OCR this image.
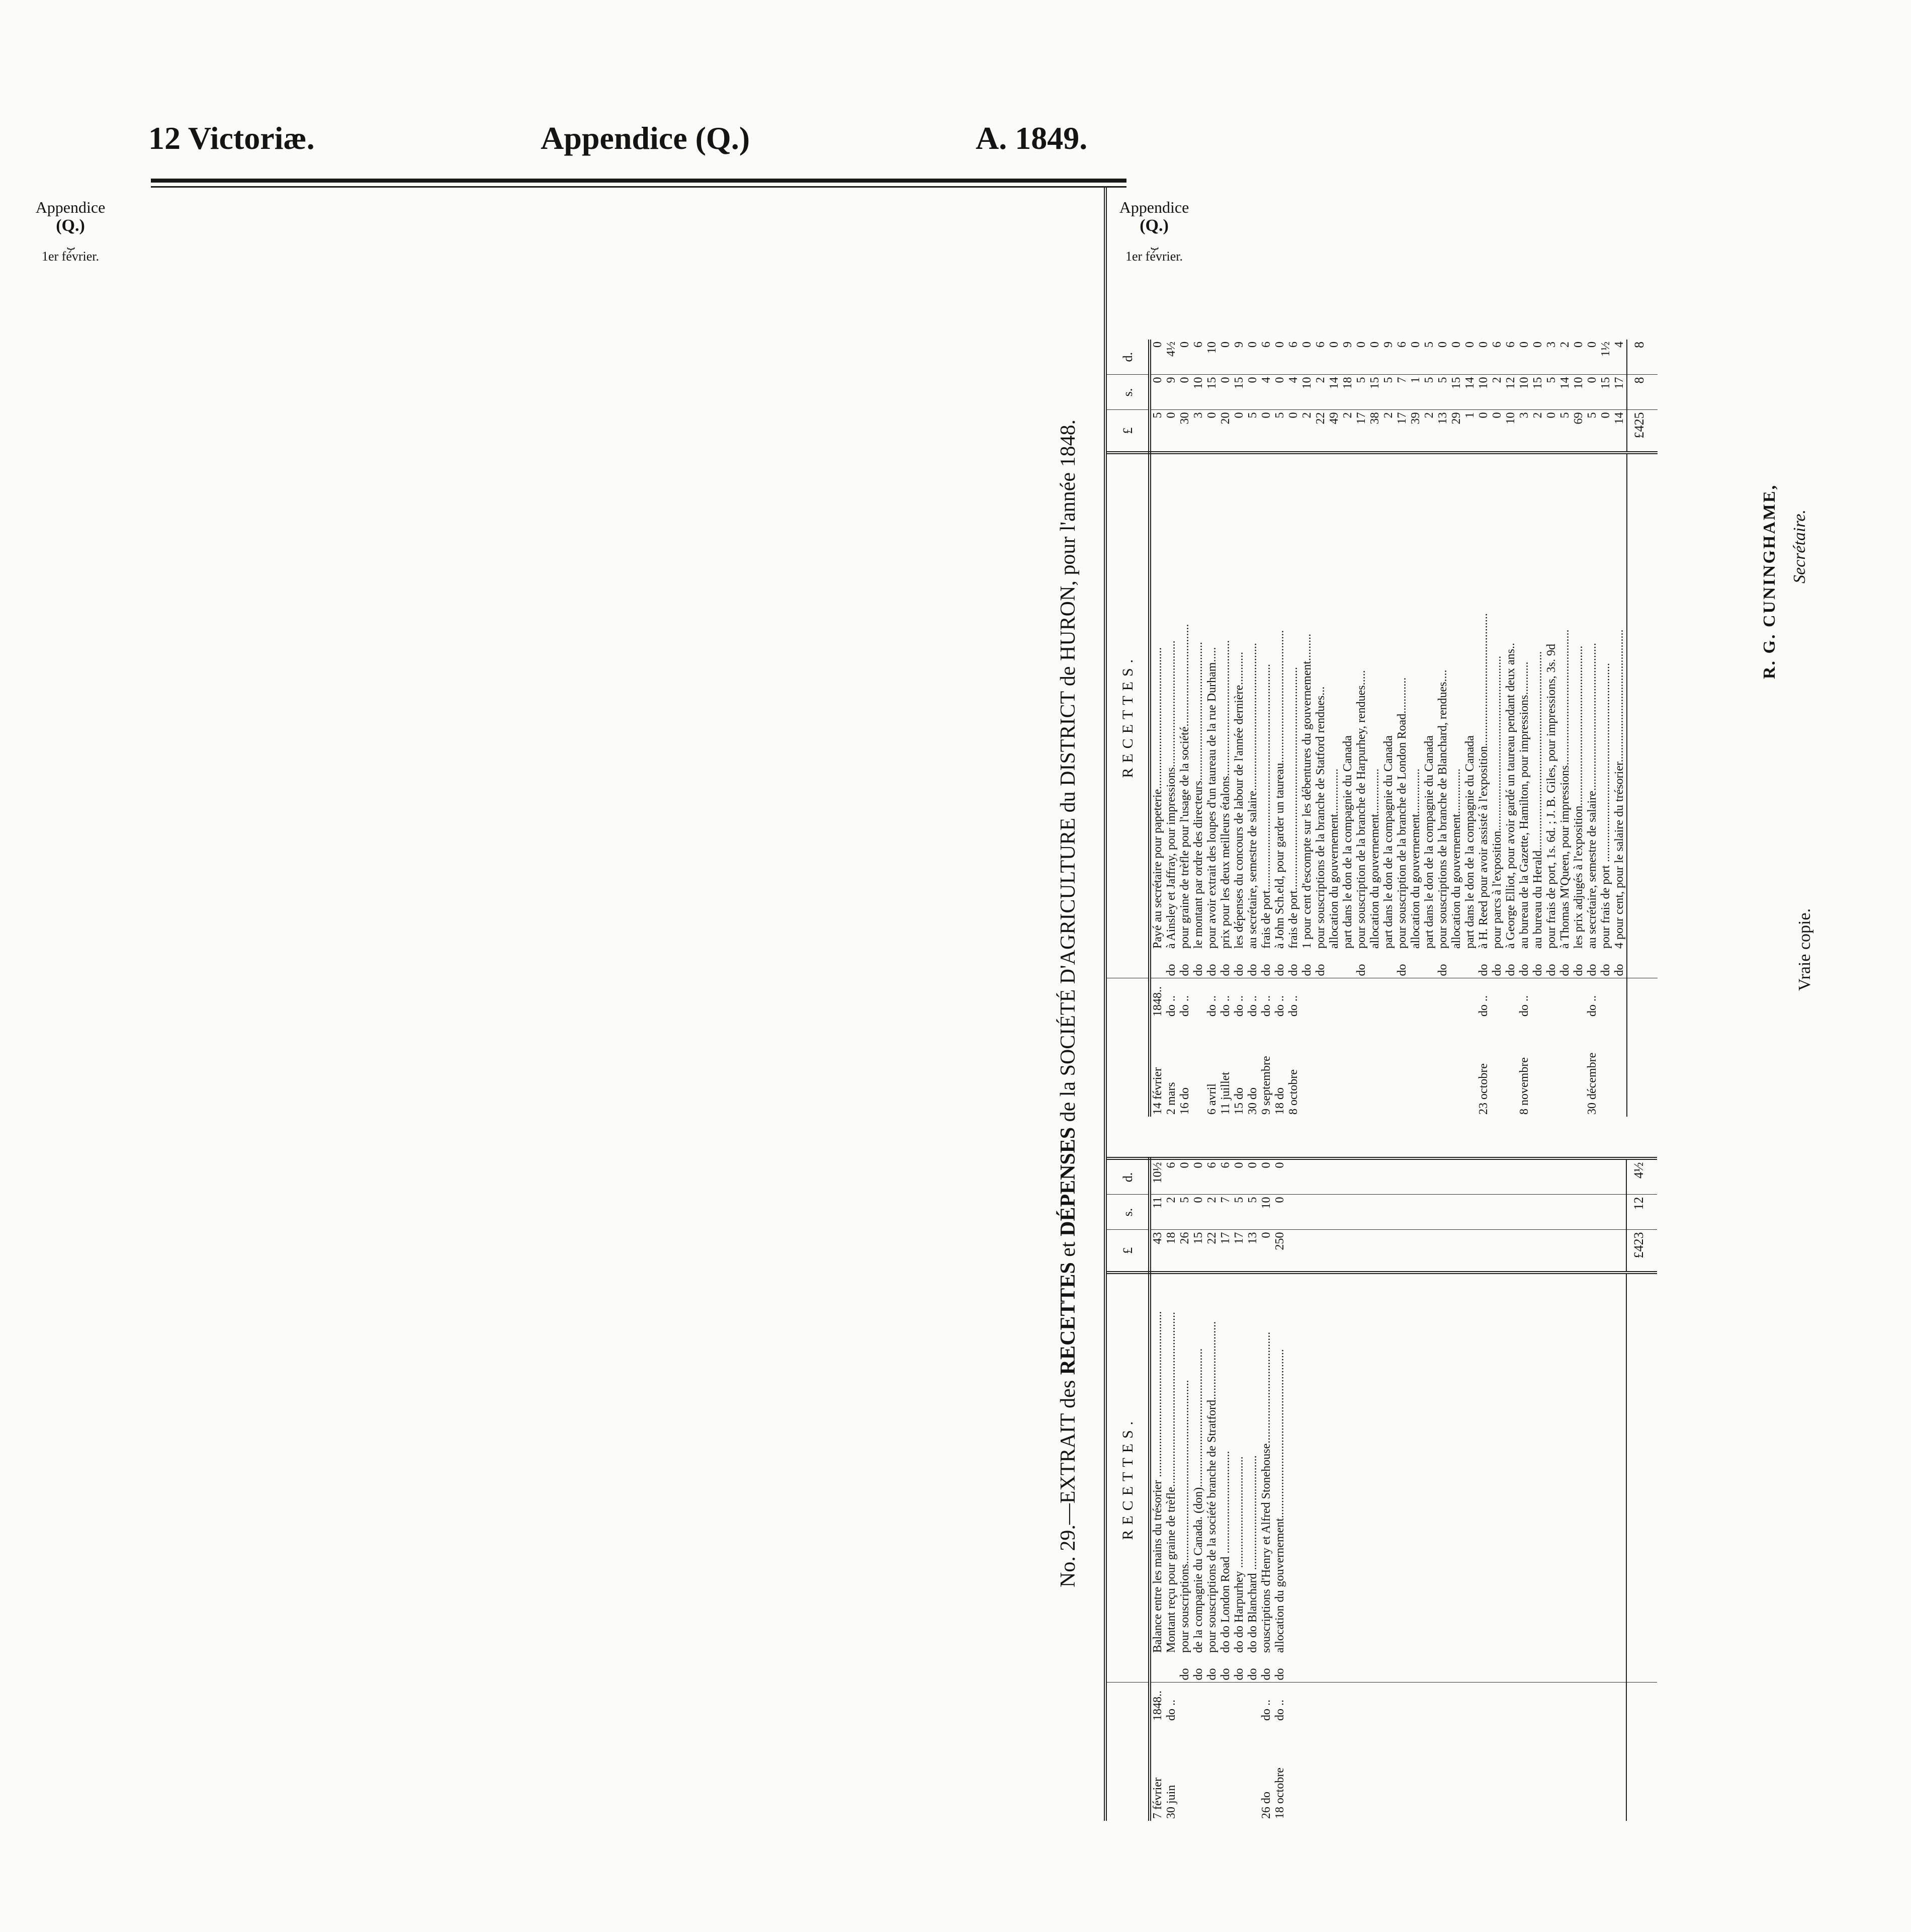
12 Victoriæ.	Appendice (Q.)	A. 1849.
Appendice
(Q.)
⏟
1er février.
Appendice
(Q.)
⏟
1er février.
No. 29.—EXTRAIT des RECETTES et DÉPENSES de la SOCIÉTÉ D'AGRICULTURE du DISTRICT de HURON, pour l'année 1848.
		RECETTES.		£	s.	d.
7 février	1848..		Balance entre les mains du trésorier .......................................................	43	11	10½
30 juin	do ..		Montant reçu pour graine de trèfle..........................................................	18	2	6
		do	pour souscriptions.............................................................	26	5	0
		do	de la compagnie du Canada. (don)..............................................	15	0	0
		do	pour souscriptions de la société branche de Stratford..........................	22	2	6
		do	do do London Road ..................................	17	7	6
		do	do do Harpurhey .....................................	17	5	0
		do	do do Blanchard ......................................	13	5	0
26 do	do ..	do	souscriptions d'Henry et Alfred Stonehouse.....................................	0	10	0
18 octobre	do ..	do	allocation du gouvernement........................................................	250	0	0

				£423	12	4½
		RECETTES.		£	s.	d.
14 février	1848..		Payé au secrétaire pour papeterie...............................................	5	0	0
2 mars	do ..	do	à Ainsley et Jaffray, pour impressions..........................................	0	9	4½
16 do	do ..	do	pour graine de trèfle pour l'usage de la société..................................	30	0	0
		do	le montant par ordre des directeurs..............................................	3	10	6
6 avril	do ..	do	pour avoir extrait des loupes d'un taureau de la rue Durham.....	0	15	10
11 juillet	do ..	do	prix pour les deux meilleurs étalons.............................................	20	0	0
15 do	do ..	do	les dépenses du concours de labour de l'année dernière...........	0	15	9
30 do	do ..	do	au secrétaire, semestre de salaire.................................................	5	0	0
9 septembre	do ..	do	frais de port...........................................................................	0	4	6
18 do	do ..	do	à John Sch.eld, pour garder un taureau............................................	5	0	0
8 octobre	do ..	do	frais de port..........................................................................	0	4	6
		do	1 pour cent d'escompte sur les débentures du gouvernement.........	2	10	0
		do	pour souscriptions de la branche de Statford rendues...	22	2	6
			allocation du gouvernement...............	49	14	0
			part dans le don de la compagnie du Canada	2	18	9
		do	pour souscription de la branche de Harpurhey, rendues.....	17	5	0
			allocation du gouvernement...............	38	15	0
			part dans le don de la compagnie du Canada	2	5	9
		do	pour souscription de la branche de London Road............	17	7	6
			allocation du gouvernement...............	39	1	0
			part dans le don de la compagnie du Canada	2	5	5
		do	pour souscriptions de la branche de Blanchard, rendues....	13	5	0
			allocation du gouvernement...............	29	15	0
			part dans le don de la compagnie du Canada	1	14	0
23 octobre	do ..	do	à H. Reed pour avoir assisté à l'exposition............................................	0	10	0
		do	pour parcs à l'exposition..........................................................	0	2	6
		do	à George Elliot, pour avoir gardé un taureau pendant deux ans..	10	12	6
8 novembre	do ..	do	au bureau de la Gazette, Hamilton, pour impressions...........	3	10	0
		do	au bureau du Herald..................................................................	2	15	0
		do	pour frais de port, 1s. 6d. ; J. B. Giles, pour impressions, 3s. 9d	0	5	3
		do	à Thomas M'Queen, pour impressions.............................................	5	14	2
		do	les prix adjugés à l'exposition.....................................................	69	10	0
30 décembre	do ..	do	au secrétaire, semestre de salaire.................................................	5	0	0
		do	pour frais de port ..................................................................	0	15	1½
		do	4 pour cent, pour le salaire du trésorier............................................	14	17	4
				£425	8	8
Vraie copie.
R. G. CUNINGHAME, Secrétaire.
